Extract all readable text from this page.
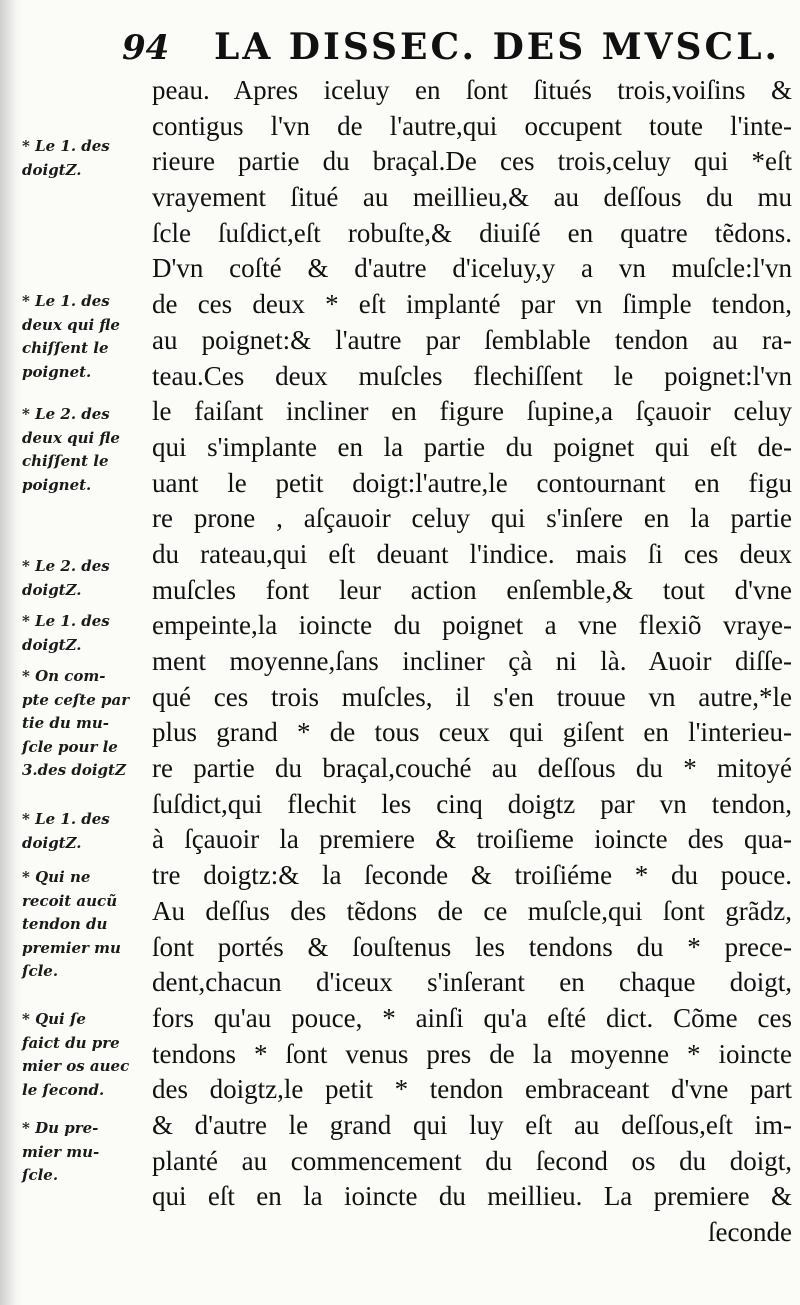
94 LA DISSEC. DES MVSCL.
peau. Apres iceluy en ſont ſitués trois,voiſins &
contigus l'vn de l'autre,qui occupent toute l'inte-
rieure partie du braçal.De ces trois,celuy qui *eſt
vrayement ſitué au meillieu,& au deſſous du mu
ſcle ſuſdict,eſt robuſte,& diuiſé en quatre tẽdons.
D'vn coſté & d'autre d'iceluy,y a vn muſcle:l'vn
de ces deux * eſt implanté par vn ſimple tendon,
au poignet:& l'autre par ſemblable tendon au ra-
teau.Ces deux muſcles flechiſſent le poignet:l'vn
le faiſant incliner en figure ſupine,a ſçauoir celuy
qui s'implante en la partie du poignet qui eſt de-
uant le petit doigt:l'autre,le contournant en figu
re prone , aſçauoir celuy qui s'inſere en la partie
du rateau,qui eſt deuant l'indice. mais ſi ces deux
muſcles font leur action enſemble,& tout d'vne
empeinte,la ioincte du poignet a vne flexiõ vraye-
ment moyenne,ſans incliner çà ni là. Auoir diſſe-
qué ces trois muſcles, il s'en trouue vn autre,*le
plus grand * de tous ceux qui giſent en l'interieu-
re partie du braçal,couché au deſſous du * mitoyé
ſuſdict,qui flechit les cinq doigtz par vn tendon,
à ſçauoir la premiere & troiſieme ioincte des qua-
tre doigtz:& la ſeconde & troiſiéme * du pouce.
Au deſſus des tẽdons de ce muſcle,qui ſont grãdz,
ſont portés & ſouſtenus les tendons du * prece-
dent,chacun d'iceux s'inſerant en chaque doigt,
fors qu'au pouce, * ainſi qu'a eſté dict. Cõme ces
tendons * ſont venus pres de la moyenne * ioincte
des doigtz,le petit * tendon embraceant d'vne part
& d'autre le grand qui luy eſt au deſſous,eſt im-
planté au commencement du ſecond os du doigt,
qui eſt en la ioincte du meillieu. La premiere &
ſeconde
* Le 1. des
doigtZ.
* Le 1. des
deux qui fle
chiſſent le
poignet.
* Le 2. des
deux qui fle
chiſſent le
poignet.
* Le 2. des
doigtZ.
* Le 1. des
doigtZ.
* On com-
pte ceſte par
tie du mu-
ſcle pour le
3.des doigtZ
* Le 1. des
doigtZ.
* Qui ne
recoit aucũ
tendon du
premier mu
ſcle.
* Qui ſe
faict du pre
mier os auec
le ſecond.
* Du pre-
mier mu-
ſcle.
